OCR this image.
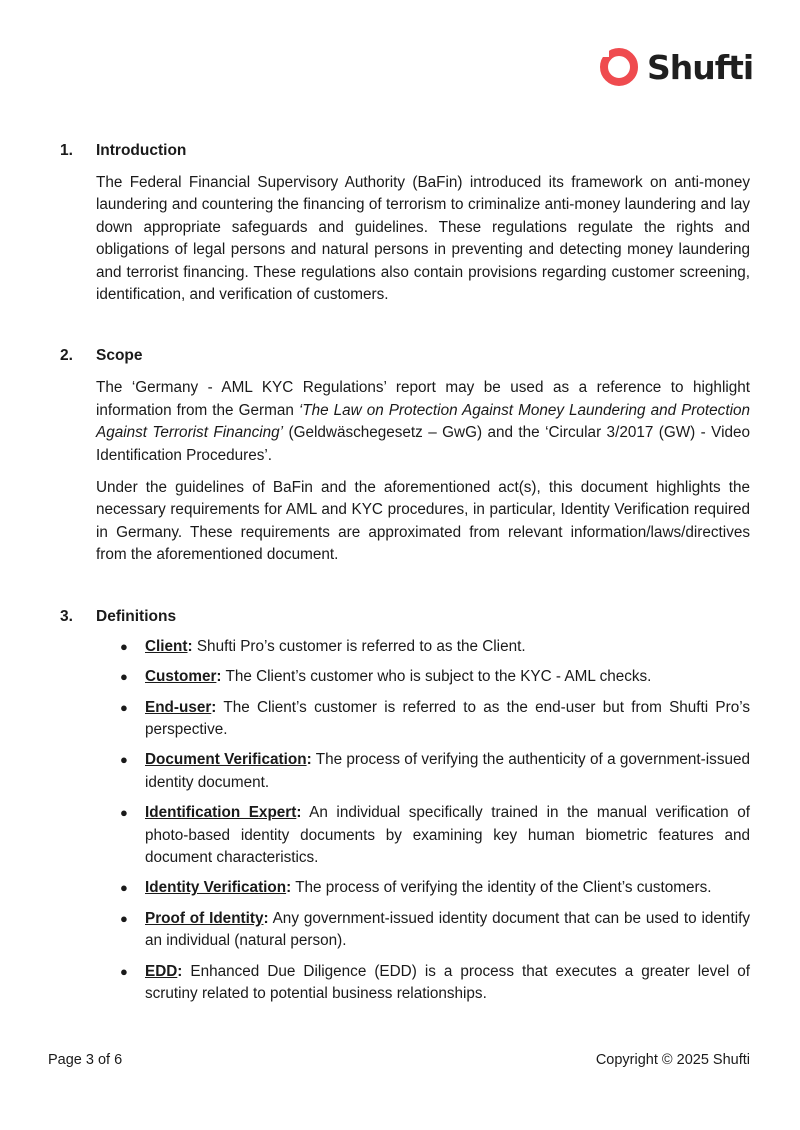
Shufti
1.	Introduction

The Federal Financial Supervisory Authority (BaFin) introduced its framework on anti-money laundering and countering the financing of terrorism to criminalize anti-money laundering and lay down appropriate safeguards and guidelines. These regulations regulate the rights and obligations of legal persons and natural persons in preventing and detecting money laundering and terrorist financing. These regulations also contain provisions regarding customer screening, identification, and verification of customers.

2.	Scope

The ‘Germany - AML KYC Regulations’ report may be used as a reference to highlight information from the German ‘The Law on Protection Against Money Laundering and Protection Against Terrorist Financing’ (Geldwäschegesetz – GwG) and the ‘Circular 3/2017 (GW) - Video Identification Procedures’.

Under the guidelines of BaFin and the aforementioned act(s), this document highlights the necessary requirements for AML and KYC procedures, in particular, Identity Verification required in Germany. These requirements are approximated from relevant information/laws/directives from the aforementioned document.

3.	Definitions
● Client: Shufti Pro’s customer is referred to as the Client.
● Customer: The Client’s customer who is subject to the KYC - AML checks.
● End-user: The Client’s customer is referred to as the end-user but from Shufti Pro’s perspective.
● Document Verification: The process of verifying the authenticity of a government-issued identity document.
● Identification Expert: An individual specifically trained in the manual verification of photo-based identity documents by examining key human biometric features and document characteristics.
● Identity Verification: The process of verifying the identity of the Client’s customers.
● Proof of Identity: Any government-issued identity document that can be used to identify an individual (natural person).
● EDD: Enhanced Due Diligence (EDD) is a process that executes a greater level of scrutiny related to potential business relationships.
Page 3 of 6	Copyright © 2025 Shufti
